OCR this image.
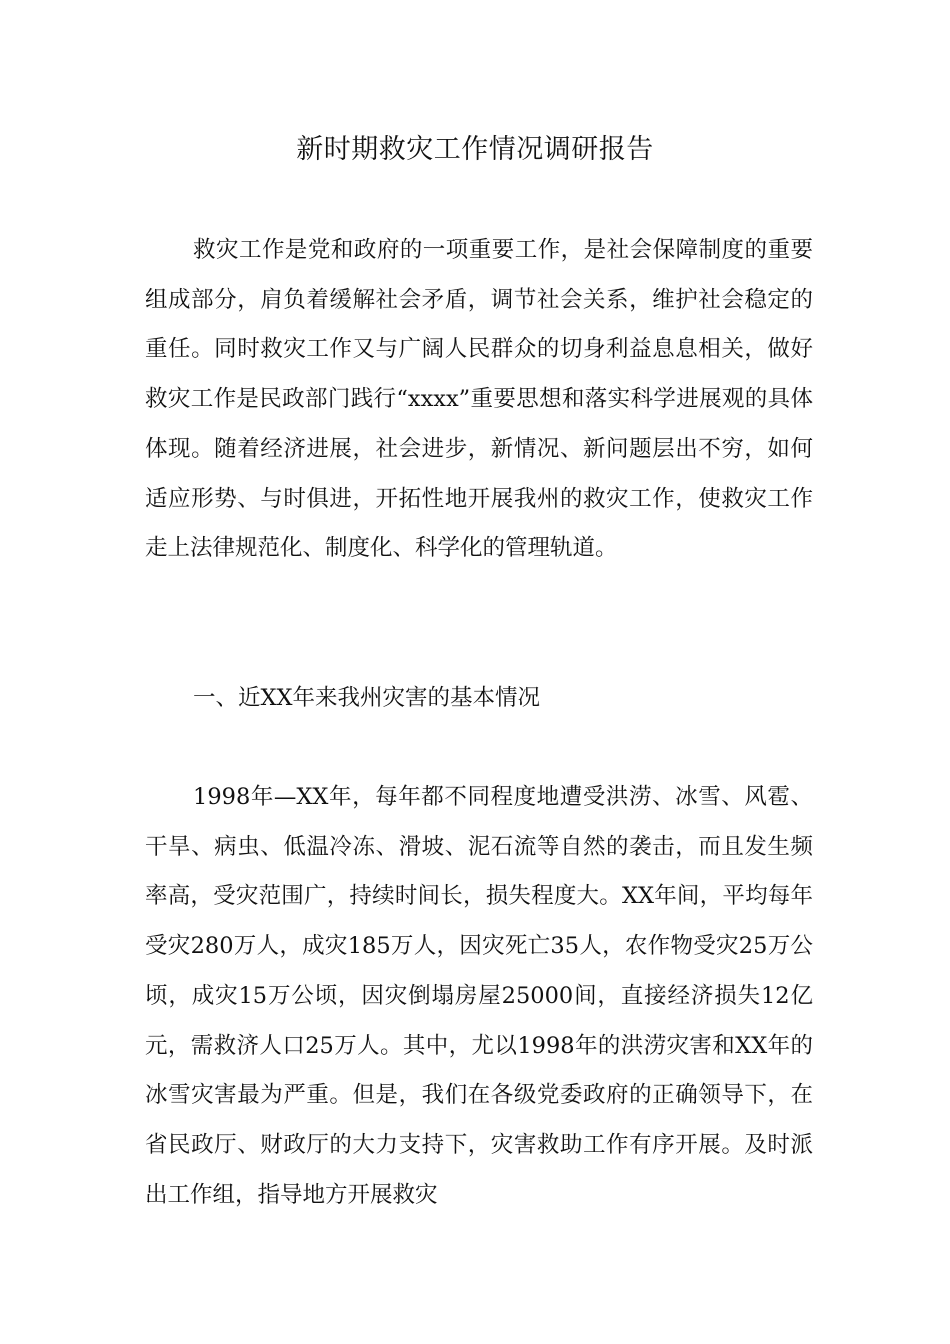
新时期救灾工作情况调研报告

救灾工作是党和政府的一项重要工作，是社会保障制度的重要组成部分，肩负着缓解社会矛盾，调节社会关系，维护社会稳定的重任。同时救灾工作又与广阔人民群众的切身利益息息相关，做好救灾工作是民政部门践行“xxxx”重要思想和落实科学进展观的具体体现。随着经济进展，社会进步，新情况、新问题层出不穷，如何适应形势、与时俱进，开拓性地开展我州的救灾工作，使救灾工作走上法律规范化、制度化、科学化的管理轨道。

一、近XX年来我州灾害的基本情况

1998年—XX年，每年都不同程度地遭受洪涝、冰雪、风雹、干旱、病虫、低温冷冻、滑坡、泥石流等自然的袭击，而且发生频率高，受灾范围广，持续时间长，损失程度大。XX年间，平均每年受灾280万人，成灾185万人，因灾死亡35人，农作物受灾25万公顷，成灾15万公顷，因灾倒塌房屋25000间，直接经济损失12亿元，需救济人口25万人。其中，尤以1998年的洪涝灾害和XX年的冰雪灾害最为严重。但是，我们在各级党委政府的正确领导下，在省民政厅、财政厅的大力支持下，灾害救助工作有序开展。及时派出工作组，指导地方开展救灾
